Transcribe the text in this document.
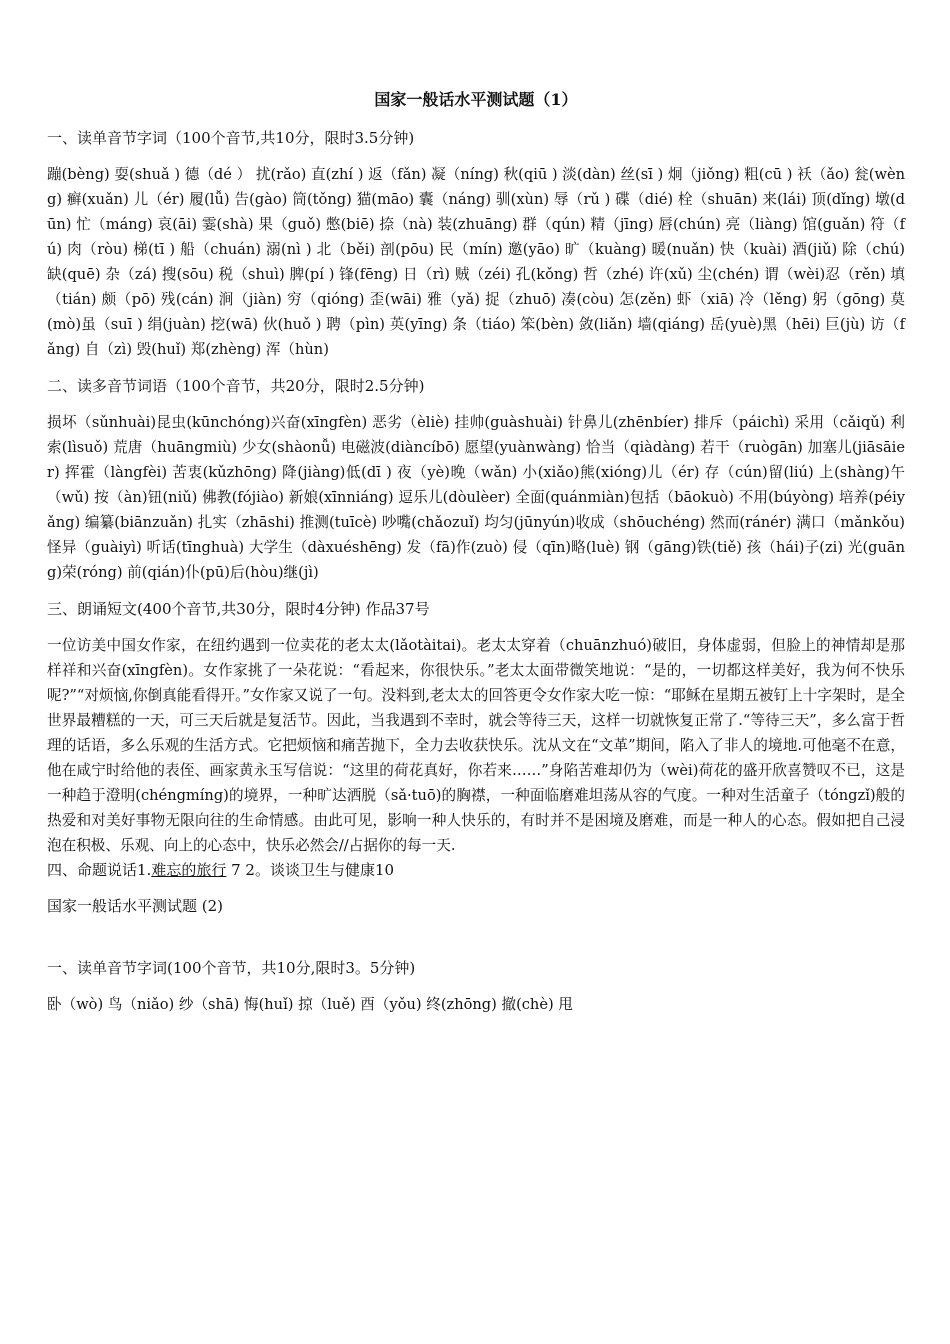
国家一般话水平测试题（1）
一、读单音节字词（100个音节,共10分，限时3.5分钟)
蹦(bèng) 耍(shuǎ ) 德（dé ） 扰(rǎo) 直(zhí ) 返（fǎn) 凝（níng) 秋(qiū ) 淡(dàn) 丝(sī ) 炯（jiǒng) 粗(cū ) 袄（ǎo) 瓮(wèng) 癣(xuǎn) 儿（ér) 履(lǚ) 告(gào) 筒(tǒng) 猫(māo) 囊（náng) 驯(xùn) 辱（rǔ ) 碟（dié) 栓（shuān) 来(lái) 顶(dǐng) 墩(dūn) 忙（máng) 哀(āi) 霎(shà) 果（guǒ) 憋(biē) 捺（nà) 装(zhuāng) 群（qún) 精（jīng) 唇(chún) 亮（liàng) 馆(guǎn) 符（fú) 肉（ròu) 梯(tī ) 船（chuán) 溺(nì ) 北（běi) 剖(pōu) 民（mín) 邀(yāo) 旷（kuàng) 暖(nuǎn) 快（kuài) 酒(jiǔ) 除（chú) 缺(quē) 杂（zá) 搜(sōu) 税（shuì) 脾(pí ) 锋(fēng) 日（rì) 贼（zéi) 孔(kǒng) 哲（zhé) 许(xǔ) 尘(chén) 谓（wèi)忍（rěn) 填（tián) 颇（pō) 残(cán) 涧（jiàn) 穷（qióng) 歪(wāi) 雅（yǎ) 捉（zhuō) 凑(còu) 怎(zěn) 虾（xiā) 冷（lěng) 躬（gōng) 莫(mò)虽（suī ) 绢(juàn) 挖(wā) 伙(huǒ ) 聘（pìn) 英(yīng) 条（tiáo) 笨(bèn) 敛(liǎn) 墙(qiáng) 岳(yuè)黑（hēi) 巨(jù) 访（fǎng) 自（zì) 毁(huǐ) 郑(zhèng) 浑（hùn)
二、读多音节词语（100个音节，共20分，限时2.5分钟)
损坏（sǔnhuài)昆虫(kūnchóng)兴奋(xīngfèn) 恶劣（èliè) 挂帅(guàshuài) 针鼻儿(zhēnbíer) 排斥（páichì) 采用（cǎiqǔ) 利索(lìsuǒ) 荒唐（huāngmiù) 少女(shàonǚ) 电磁波(diàncíbō) 愿望(yuànwàng) 恰当（qiàdàng) 若干（ruògān) 加塞儿(jiāsāier) 挥霍（làngfèi) 苦衷(kǔzhōng) 降(jiàng)低(dī ) 夜（yè)晚（wǎn) 小(xiǎo)熊(xióng)儿（ér) 存（cún)留(liú) 上(shàng)午（wǔ) 按（àn)钮(niǔ) 佛教(fójiào) 新娘(xīnniáng) 逗乐儿(dòulèer) 全面(quánmiàn)包括（bāokuò) 不用(búyòng) 培养(péiyǎng) 编纂(biānzuǎn) 扎实（zhāshi) 推测(tuīcè) 吵嘴(chǎozuǐ) 均匀(jūnyún)收成（shōuchéng) 然而(ránér) 满口（mǎnkǒu) 怪异（guàiyì) 听话(tīnghuà) 大学生（dàxuéshēng) 发（fā)作(zuò) 侵（qīn)略(luè) 钢（gāng)铁(tiě) 孩（hái)子(zi) 光(guāng)荣(róng) 前(qián)仆(pū)后(hòu)继(jì)
三、朗诵短文(400个音节,共30分，限时4分钟) 作品37号
一位访美中国女作家，在纽约遇到一位卖花的老太太(lǎotàitai)。老太太穿着（chuānzhuó)破旧，身体虚弱，但脸上的神情却是那样祥和兴奋(xīngfèn)。女作家挑了一朵花说：“看起来，你很快乐。”老太太面带微笑地说：“是的，一切都这样美好，我为何不快乐呢?”“对烦恼,你倒真能看得开。”女作家又说了一句。没料到,老太太的回答更令女作家大吃一惊：“耶稣在星期五被钉上十字架时，是全世界最糟糕的一天，可三天后就是复活节。因此，当我遇到不幸时，就会等待三天，这样一切就恢复正常了.“等待三天”，多么富于哲理的话语，多么乐观的生活方式。它把烦恼和痛苦抛下，全力去收获快乐。沈从文在“文革”期间，陷入了非人的境地.可他毫不在意，他在咸宁时给他的表侄、画家黄永玉写信说：“这里的荷花真好，你若来……”身陷苦难却仍为（wèi)荷花的盛开欣喜赞叹不已，这是一种趋于澄明(chéngmíng)的境界，一种旷达洒脱（sǎ·tuō)的胸襟，一种面临磨难坦荡从容的气度。一种对生活童子（tóngzǐ)般的热爱和对美好事物无限向往的生命情感。由此可见，影响一种人快乐的，有时并不是困境及磨难，而是一种人的心态。假如把自己浸泡在积极、乐观、向上的心态中，快乐必然会//占据你的每一天.
四、命题说话1.难忘的旅行 7 2。谈谈卫生与健康10
国家一般话水平测试题 (2)
一、读单音节字词(100个音节，共10分,限时3。5分钟)
卧（wò) 鸟（niǎo) 纱（shā) 悔(huǐ) 掠（luě) 酉（yǒu) 终(zhōng) 撤(chè) 甩
